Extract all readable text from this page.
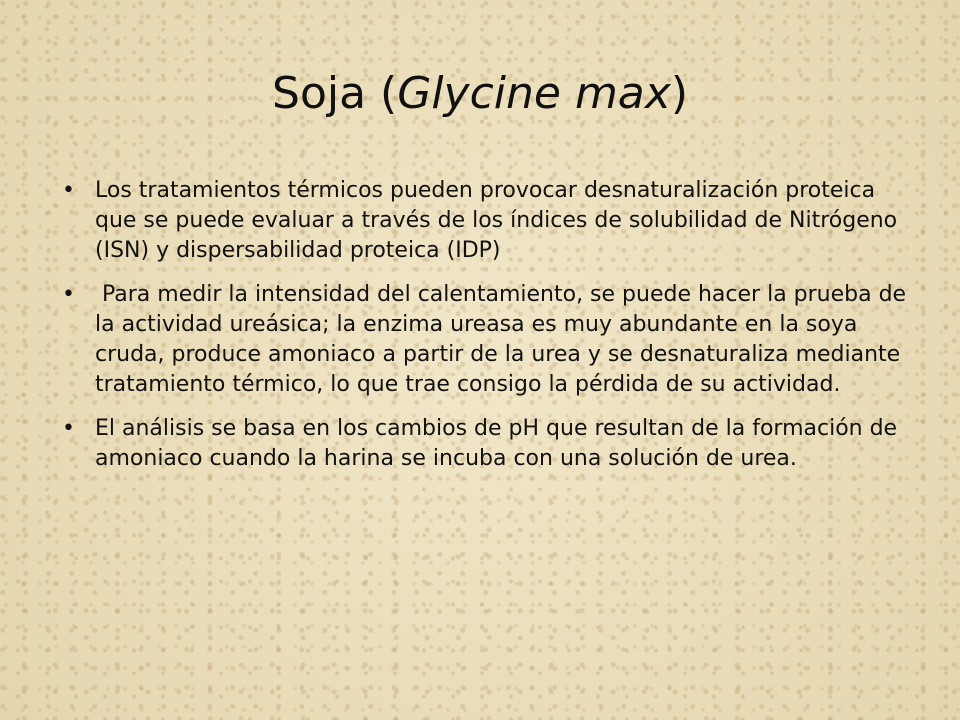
Soja (Glycine max)
• Los tratamientos térmicos pueden provocar desnaturalización proteica que se puede evaluar a través de los índices de solubilidad de Nitrógeno (ISN) y dispersabilidad proteica (IDP)
• Para medir la intensidad del calentamiento, se puede hacer la prueba de la actividad ureásica; la enzima ureasa es muy abundante en la soya cruda, produce amoniaco a partir de la urea y se desnaturaliza mediante tratamiento térmico, lo que trae consigo la pérdida de su actividad.
• El análisis se basa en los cambios de pH que resultan de la formación de amoniaco cuando la harina se incuba con una solución de urea.
